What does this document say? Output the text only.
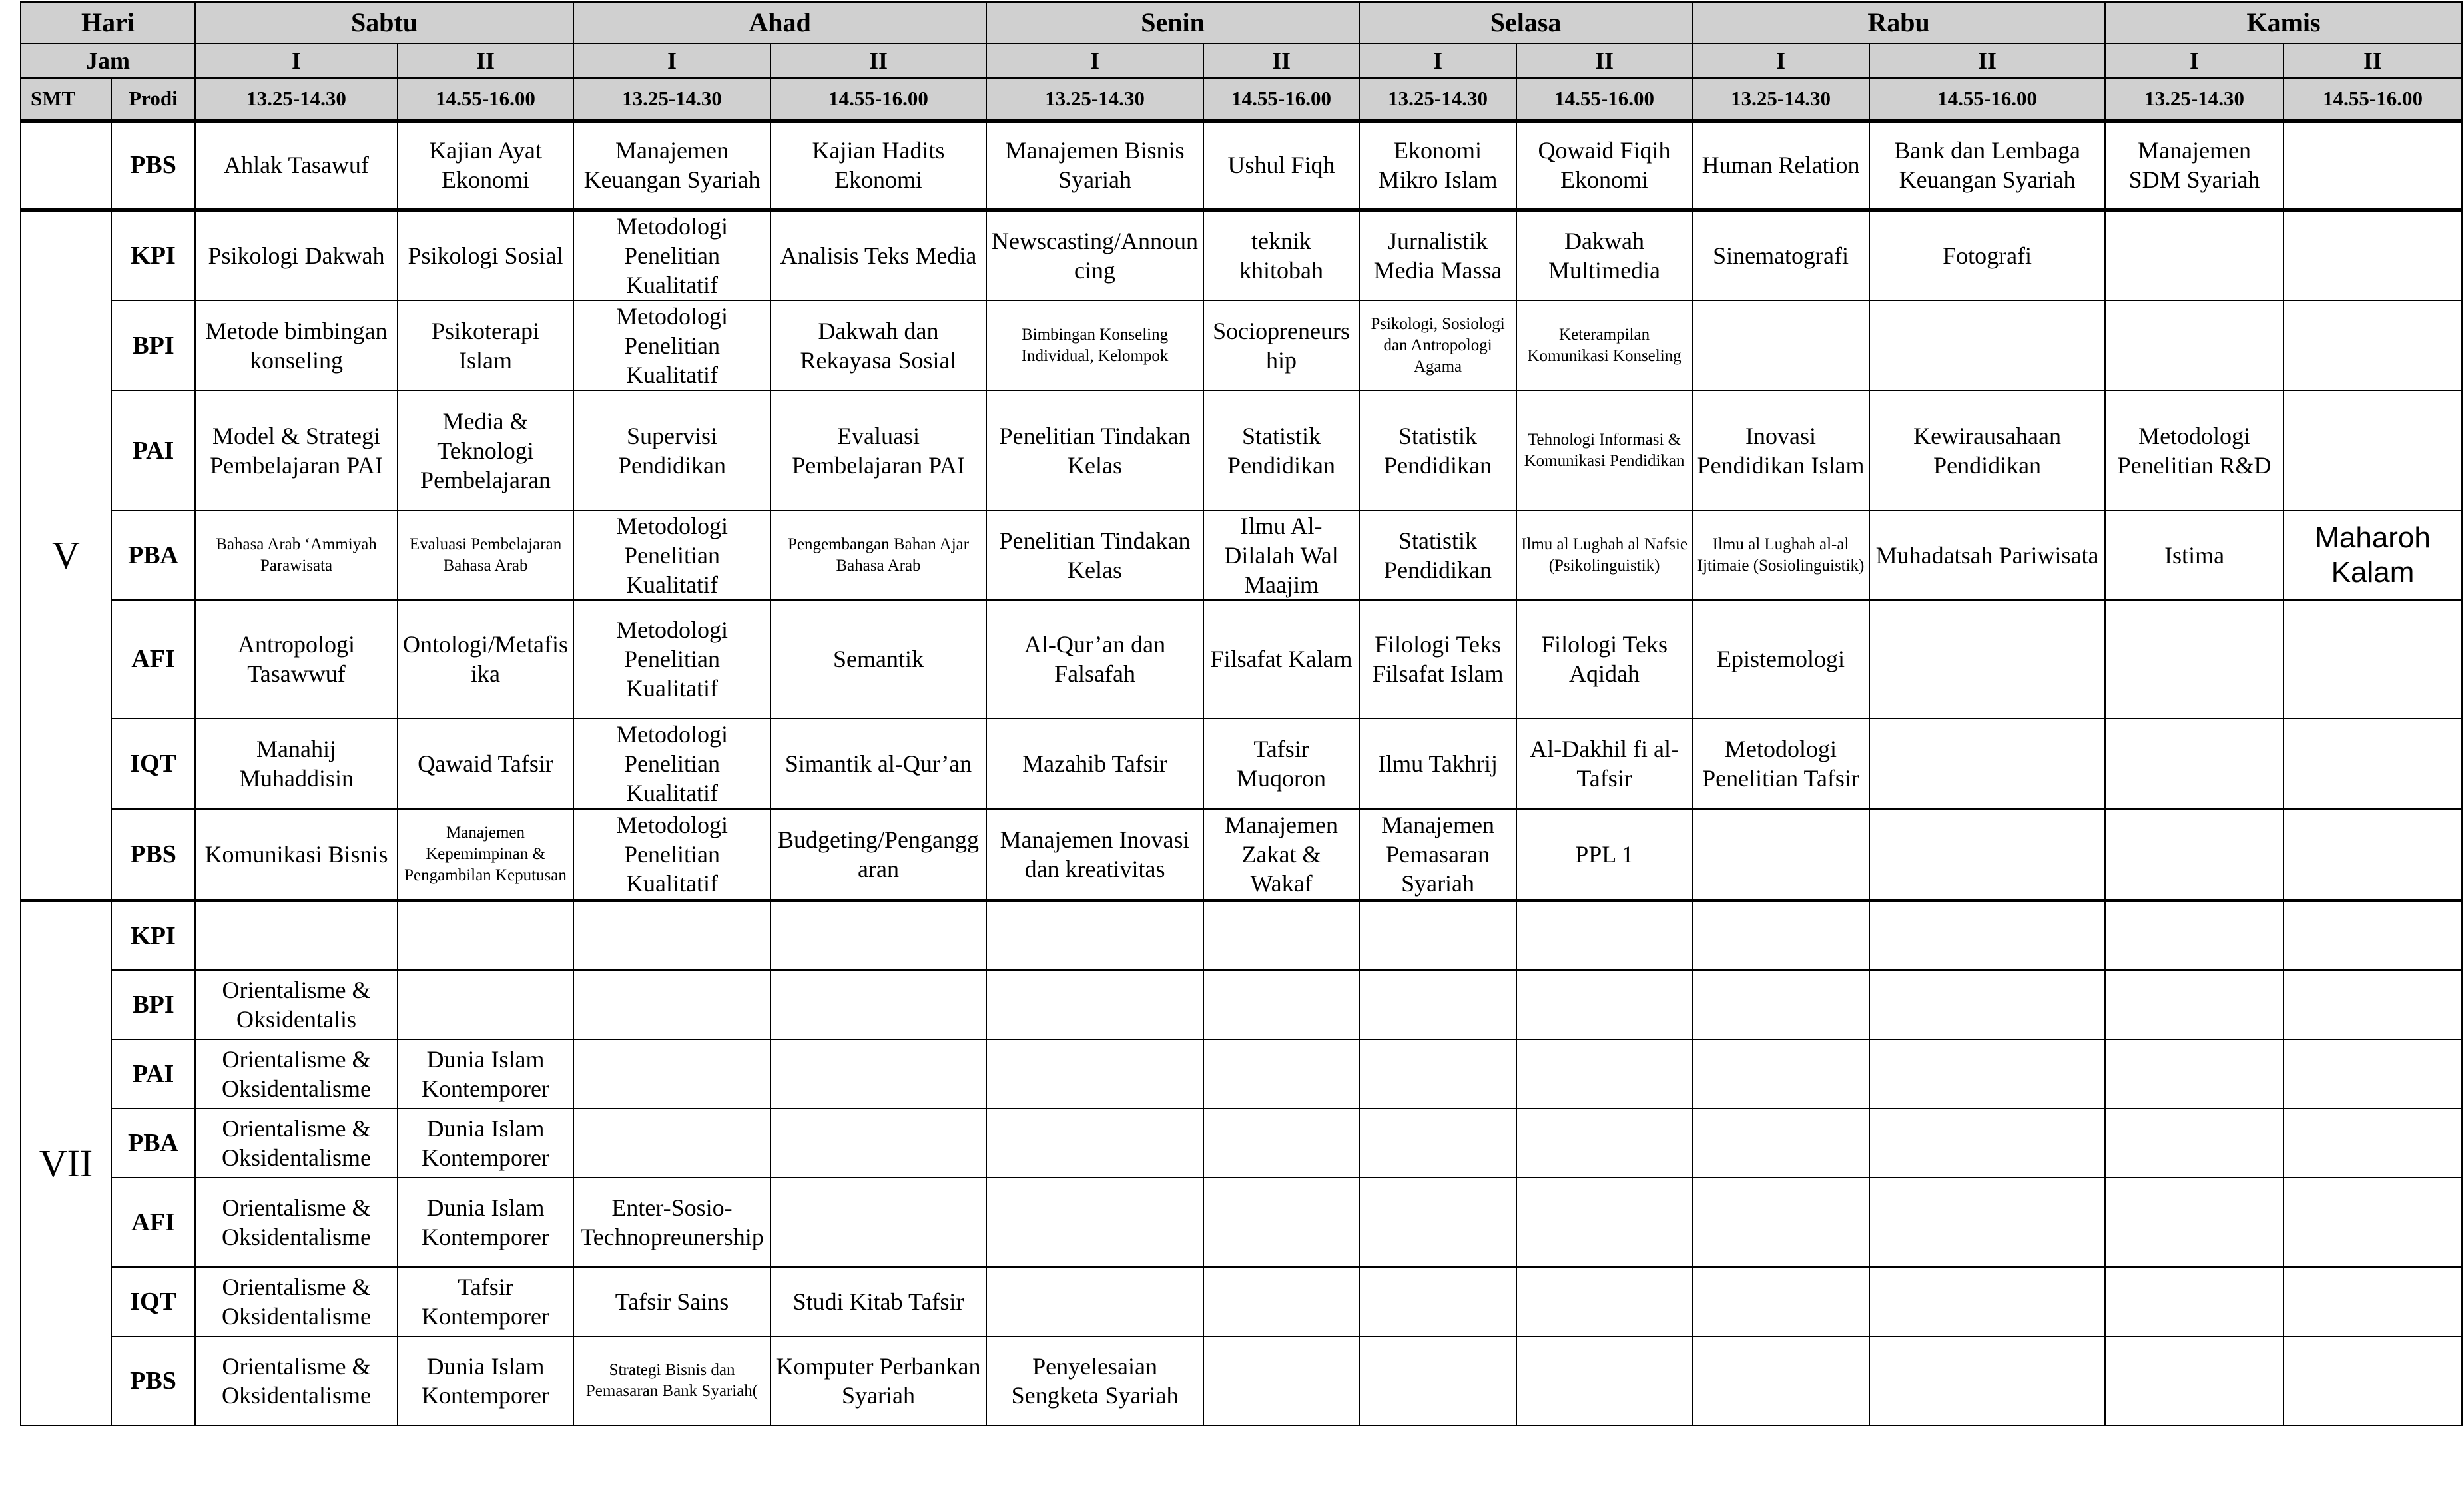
Hari		Sabtu		Ahad		Senin		Selasa		Rabu		Kamis	
Jam		I	II	I	II	I	II	I	II	I	II	I	II
SMT	Prodi	13.25-14.30	14.55-16.00	13.25-14.30	14.55-16.00	13.25-14.30	14.55-16.00	13.25-14.30	14.55-16.00	13.25-14.30	14.55-16.00	13.25-14.30	14.55-16.00
	PBS	Ahlak Tasawuf	Kajian Ayat Ekonomi	Manajemen Keuangan Syariah	Kajian Hadits Ekonomi	Manajemen Bisnis Syariah	Ushul Fiqh	Ekonomi Mikro Islam	Qowaid Fiqih Ekonomi	Human Relation	Bank dan Lembaga Keuangan Syariah	Manajemen SDM Syariah	
V	KPI	Psikologi Dakwah	Psikologi Sosial	Metodologi Penelitian Kualitatif	Analisis Teks Media	Newscasting/Announcing	teknik khitobah	Jurnalistik Media Massa	Dakwah Multimedia	Sinematografi	Fotografi		
	BPI	Metode bimbingan konseling	Psikoterapi Islam	Metodologi Penelitian Kualitatif	Dakwah dan Rekayasa Sosial	Bimbingan Konseling Individual, Kelompok	Sociopreneurship	Psikologi, Sosiologi dan Antropologi Agama	Keterampilan Komunikasi Konseling				
	PAI	Model & Strategi Pembelajaran PAI	Media & Teknologi Pembelajaran	Supervisi Pendidikan	Evaluasi Pembelajaran PAI	Penelitian Tindakan Kelas	Statistik Pendidikan	Statistik Pendidikan	Tehnologi Informasi & Komunikasi Pendidikan	Inovasi Pendidikan Islam	Kewirausahaan Pendidikan	Metodologi Penelitian R&D	
	PBA	Bahasa Arab ‘Ammiyah Parawisata	Evaluasi Pembelajaran Bahasa Arab	Metodologi Penelitian Kualitatif	Pengembangan Bahan Ajar Bahasa Arab	Penelitian Tindakan Kelas	Ilmu Al-Dilalah Wal Maajim	Statistik Pendidikan	Ilmu al Lughah al Nafsie (Psikolinguistik)	Ilmu al Lughah al-al Ijtimaie (Sosiolinguistik)	Muhadatsah Pariwisata	Istima	Maharoh Kalam
	AFI	Antropologi Tasawwuf	Ontologi/Metafisika	Metodologi Penelitian Kualitatif	Semantik	Al-Qur’an dan Falsafah	Filsafat Kalam	Filologi Teks Filsafat Islam	Filologi Teks Aqidah	Epistemologi			
	IQT	Manahij Muhaddisin	Qawaid Tafsir	Metodologi Penelitian Kualitatif	Simantik al-Qur’an	Mazahib Tafsir	Tafsir Muqoron	Ilmu Takhrij	Al-Dakhil fi al-Tafsir	Metodologi Penelitian Tafsir			
	PBS	Komunikasi Bisnis	Manajemen Kepemimpinan & Pengambilan Keputusan	Metodologi Penelitian Kualitatif	Budgeting/Penganggaran	Manajemen Inovasi dan kreativitas	Manajemen Zakat & Wakaf	Manajemen Pemasaran Syariah	PPL 1				
VII	KPI												
	BPI	Orientalisme & Oksidentalis											
	PAI	Orientalisme & Oksidentalisme	Dunia Islam Kontemporer										
	PBA	Orientalisme & Oksidentalisme	Dunia Islam Kontemporer										
	AFI	Orientalisme & Oksidentalisme	Dunia Islam Kontemporer	Enter-Sosio-Technopreunership									
	IQT	Orientalisme & Oksidentalisme	Tafsir Kontemporer	Tafsir Sains	Studi Kitab Tafsir								
	PBS	Orientalisme & Oksidentalisme	Dunia Islam Kontemporer	Strategi Bisnis dan Pemasaran Bank Syariah(	Komputer Perbankan Syariah	Penyelesaian Sengketa Syariah							
